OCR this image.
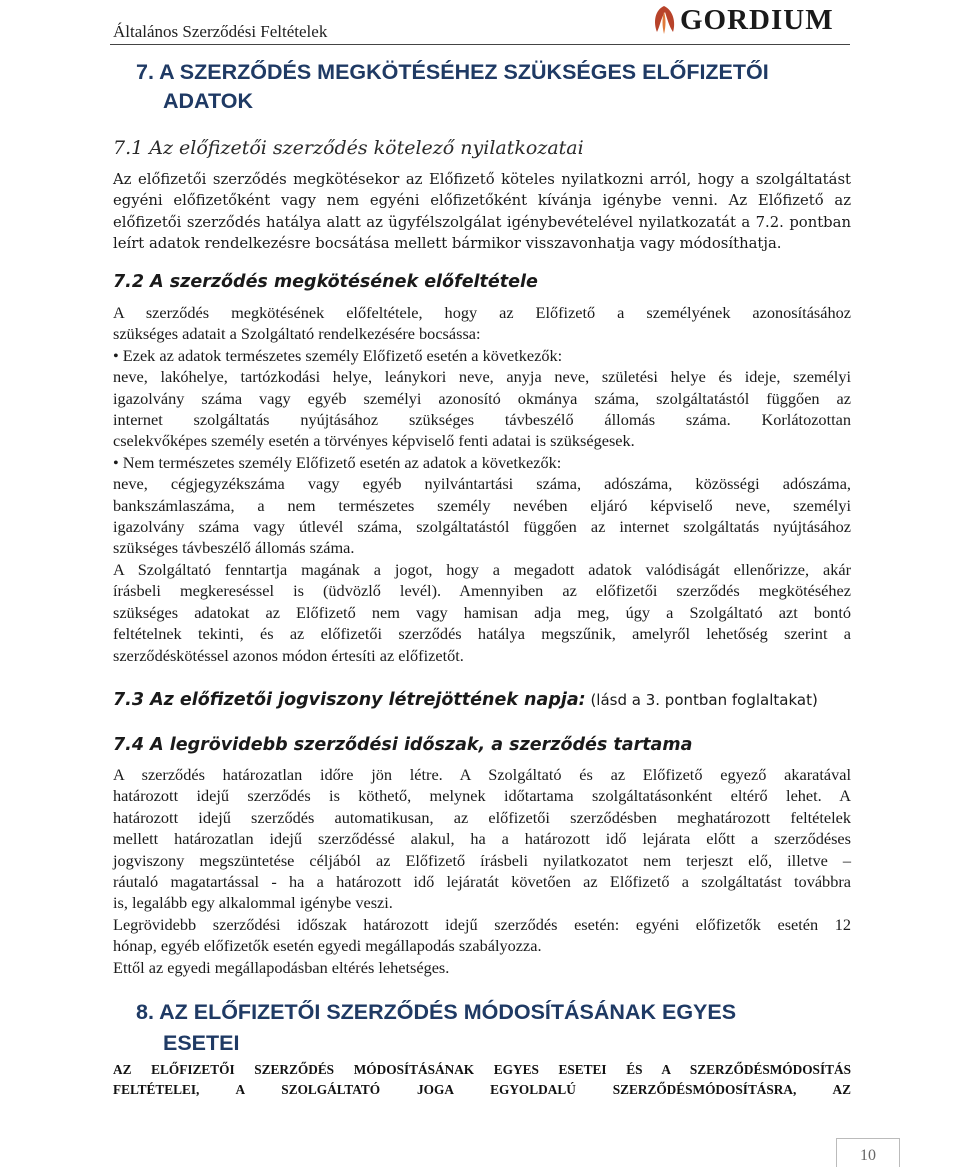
Általános Szerződési Feltételek	GORDIUM
7. A SZERZŐDÉS MEGKÖTÉSÉHEZ SZÜKSÉGES ELŐFIZETŐI
ADATOK
7.1 Az előfizetői szerződés kötelező nyilatkozatai
Az előfizetői szerződés megkötésekor az Előfizető köteles nyilatkozni arról, hogy a szolgáltatást
egyéni előfizetőként vagy nem egyéni előfizetőként kívánja igénybe venni. Az Előfizető az
előfizetői szerződés hatálya alatt az ügyfélszolgálat igénybevételével nyilatkozatát a 7.2. pontban
leírt adatok rendelkezésre bocsátása mellett bármikor visszavonhatja vagy módosíthatja.
7.2 A szerződés megkötésének előfeltétele
A szerződés megkötésének előfeltétele, hogy az Előfizető a személyének azonosításához
szükséges adatait a Szolgáltató rendelkezésére bocsássa:
• Ezek az adatok természetes személy Előfizető esetén a következők:
neve, lakóhelye, tartózkodási helye, leánykori neve, anyja neve, születési helye és ideje, személyi
igazolvány száma vagy egyéb személyi azonosító okmánya száma, szolgáltatástól függően az
internet szolgáltatás nyújtásához szükséges távbeszélő állomás száma. Korlátozottan
cselekvőképes személy esetén a törvényes képviselő fenti adatai is szükségesek.
• Nem természetes személy Előfizető esetén az adatok a következők:
neve, cégjegyzékszáma vagy egyéb nyilvántartási száma, adószáma, közösségi adószáma,
bankszámlaszáma, a nem természetes személy nevében eljáró képviselő neve, személyi
igazolvány száma vagy útlevél száma, szolgáltatástól függően az internet szolgáltatás nyújtásához
szükséges távbeszélő állomás száma.
A Szolgáltató fenntartja magának a jogot, hogy a megadott adatok valódiságát ellenőrizze, akár
írásbeli megkereséssel is (üdvözlő levél). Amennyiben az előfizetői szerződés megkötéséhez
szükséges adatokat az Előfizető nem vagy hamisan adja meg, úgy a Szolgáltató azt bontó
feltételnek tekinti, és az előfizetői szerződés hatálya megszűnik, amelyről lehetőség szerint a
szerződéskötéssel azonos módon értesíti az előfizetőt.
7.3 Az előfizetői jogviszony létrejöttének napja: (lásd a 3. pontban foglaltakat)
7.4 A legrövidebb szerződési időszak, a szerződés tartama
A szerződés határozatlan időre jön létre. A Szolgáltató és az Előfizető egyező akaratával
határozott idejű szerződés is köthető, melynek időtartama szolgáltatásonként eltérő lehet. A
határozott idejű szerződés automatikusan, az előfizetői szerződésben meghatározott feltételek
mellett határozatlan idejű szerződéssé alakul, ha a határozott idő lejárata előtt a szerződéses
jogviszony megszüntetése céljából az Előfizető írásbeli nyilatkozatot nem terjeszt elő, illetve –
ráutaló magatartással - ha a határozott idő lejáratát követően az Előfizető a szolgáltatást továbbra
is, legalább egy alkalommal igénybe veszi.
Legrövidebb szerződési időszak határozott idejű szerződés esetén: egyéni előfizetők esetén 12
hónap, egyéb előfizetők esetén egyedi megállapodás szabályozza.
Ettől az egyedi megállapodásban eltérés lehetséges.
8. AZ ELŐFIZETŐI SZERZŐDÉS MÓDOSÍTÁSÁNAK EGYES
ESETEI
AZ ELŐFIZETŐI SZERZŐDÉS MÓDOSÍTÁSÁNAK EGYES ESETEI ÉS A SZERZŐDÉSMÓDOSÍTÁS
FELTÉTELEI, A SZOLGÁLTATÓ JOGA EGYOLDALÚ SZERZŐDÉSMÓDOSÍTÁSRA, AZ
10
